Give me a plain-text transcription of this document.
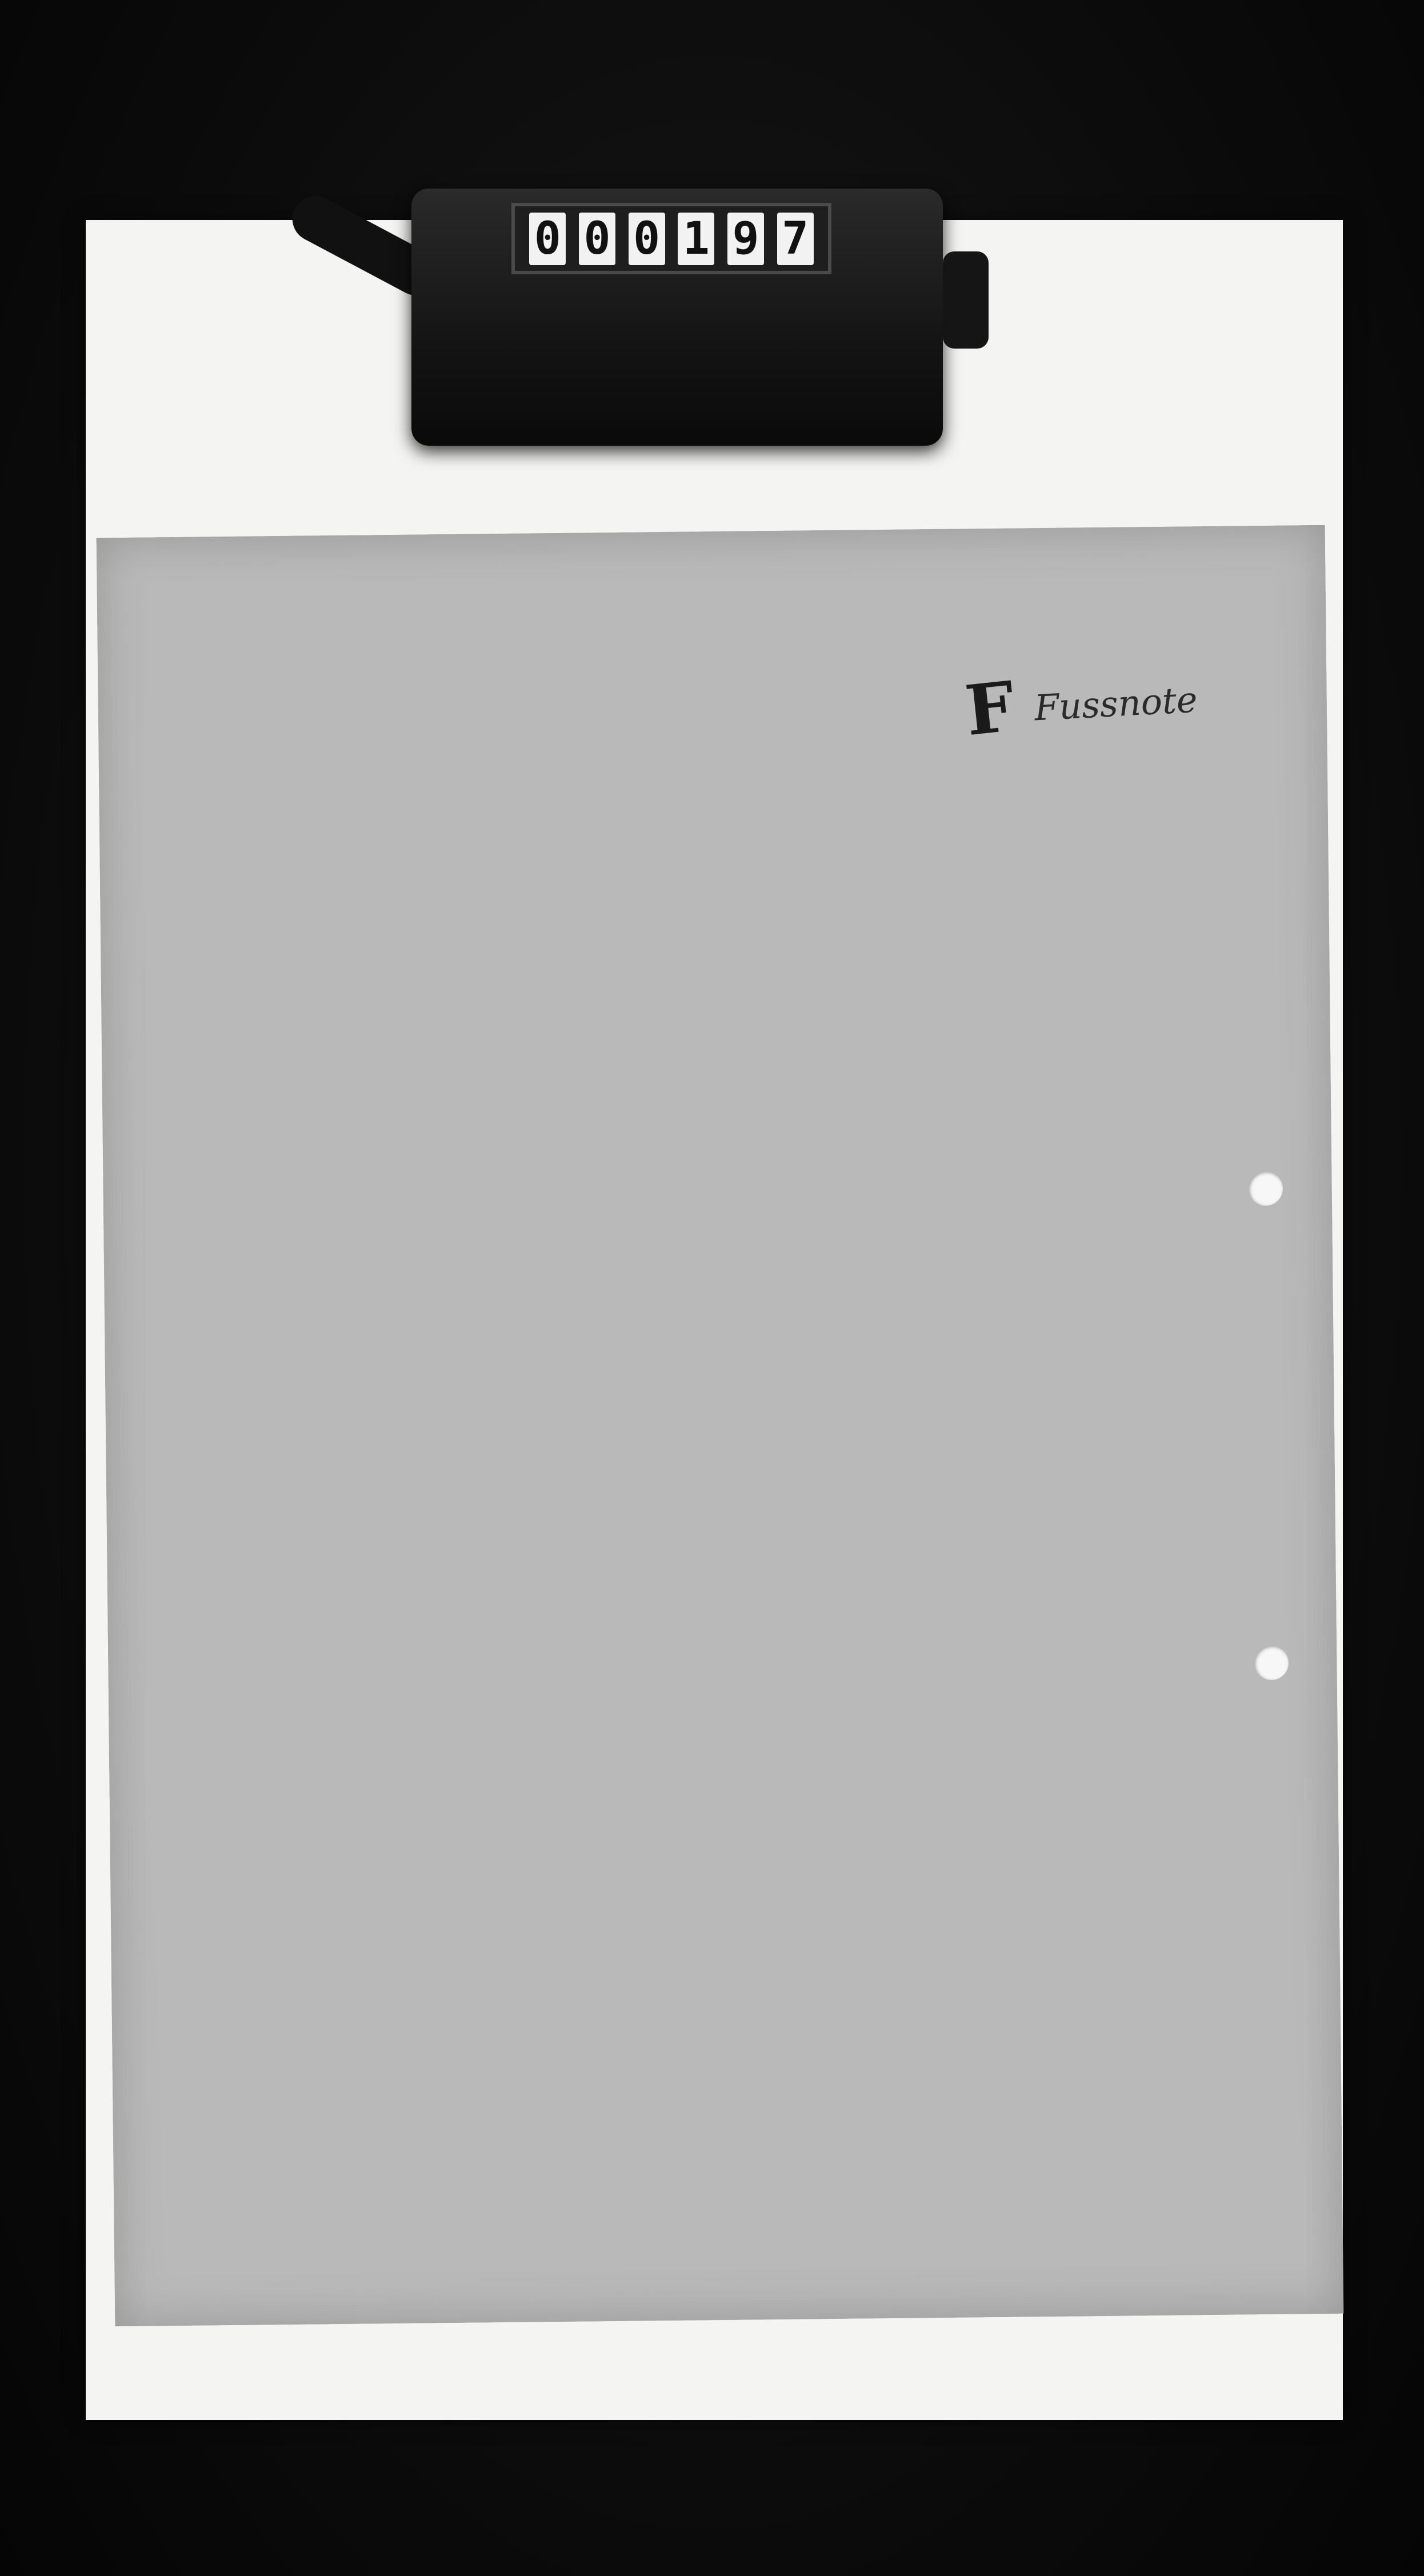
0 0 0 1 9 7
F Fussnote
